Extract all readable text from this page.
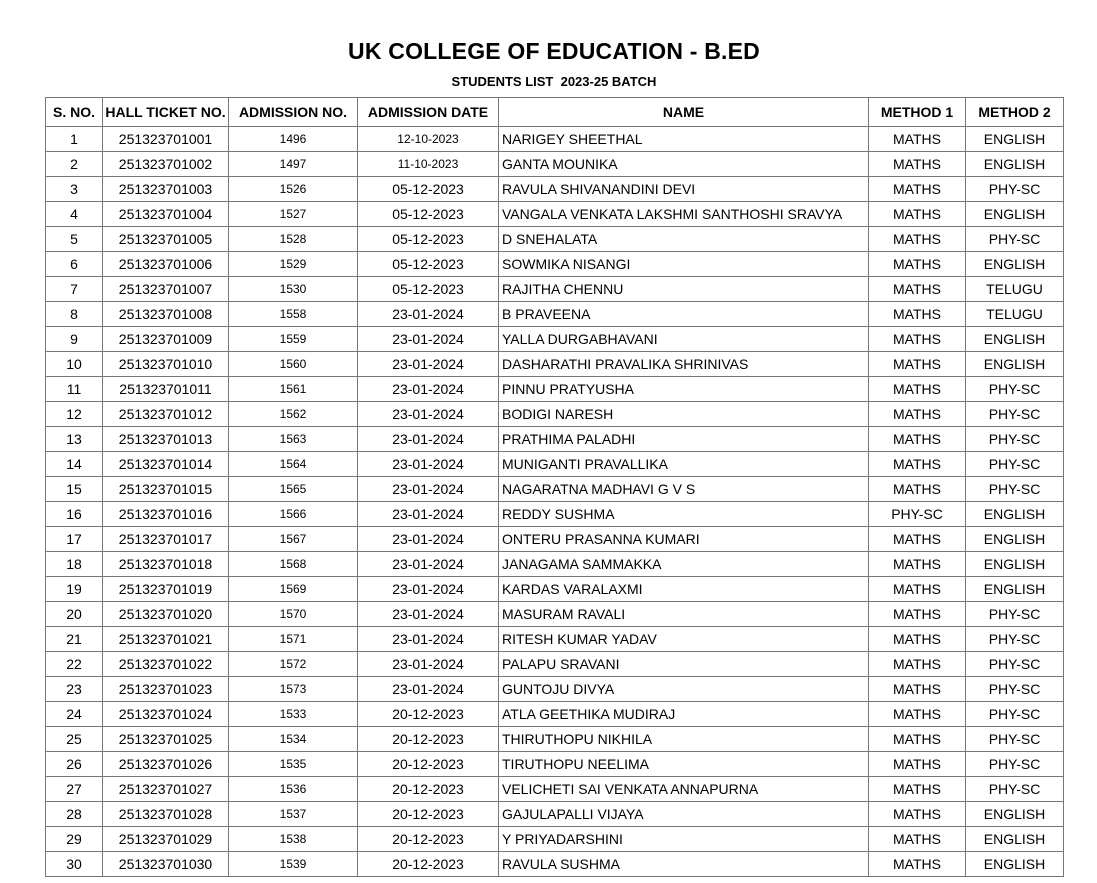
UK COLLEGE OF EDUCATION - B.ED
STUDENTS LIST  2023-25 BATCH
S. NO.	HALL TICKET NO.	ADMISSION NO.	ADMISSION DATE	NAME	METHOD 1	METHOD 2
1	251323701001	1496	12-10-2023	NARIGEY SHEETHAL	MATHS	ENGLISH
2	251323701002	1497	11-10-2023	GANTA MOUNIKA	MATHS	ENGLISH
3	251323701003	1526	05-12-2023	RAVULA SHIVANANDINI DEVI	MATHS	PHY-SC
4	251323701004	1527	05-12-2023	VANGALA VENKATA LAKSHMI SANTHOSHI SRAVYA	MATHS	ENGLISH
5	251323701005	1528	05-12-2023	D SNEHALATA	MATHS	PHY-SC
6	251323701006	1529	05-12-2023	SOWMIKA NISANGI	MATHS	ENGLISH
7	251323701007	1530	05-12-2023	RAJITHA CHENNU	MATHS	TELUGU
8	251323701008	1558	23-01-2024	B PRAVEENA	MATHS	TELUGU
9	251323701009	1559	23-01-2024	YALLA DURGABHAVANI	MATHS	ENGLISH
10	251323701010	1560	23-01-2024	DASHARATHI PRAVALIKA SHRINIVAS	MATHS	ENGLISH
11	251323701011	1561	23-01-2024	PINNU PRATYUSHA	MATHS	PHY-SC
12	251323701012	1562	23-01-2024	BODIGI NARESH	MATHS	PHY-SC
13	251323701013	1563	23-01-2024	PRATHIMA PALADHI	MATHS	PHY-SC
14	251323701014	1564	23-01-2024	MUNIGANTI PRAVALLIKA	MATHS	PHY-SC
15	251323701015	1565	23-01-2024	NAGARATNA MADHAVI G V S	MATHS	PHY-SC
16	251323701016	1566	23-01-2024	REDDY SUSHMA	PHY-SC	ENGLISH
17	251323701017	1567	23-01-2024	ONTERU PRASANNA KUMARI	MATHS	ENGLISH
18	251323701018	1568	23-01-2024	JANAGAMA SAMMAKKA	MATHS	ENGLISH
19	251323701019	1569	23-01-2024	KARDAS VARALAXMI	MATHS	ENGLISH
20	251323701020	1570	23-01-2024	MASURAM RAVALI	MATHS	PHY-SC
21	251323701021	1571	23-01-2024	RITESH KUMAR YADAV	MATHS	PHY-SC
22	251323701022	1572	23-01-2024	PALAPU SRAVANI	MATHS	PHY-SC
23	251323701023	1573	23-01-2024	GUNTOJU DIVYA	MATHS	PHY-SC
24	251323701024	1533	20-12-2023	ATLA GEETHIKA MUDIRAJ	MATHS	PHY-SC
25	251323701025	1534	20-12-2023	THIRUTHOPU NIKHILA	MATHS	PHY-SC
26	251323701026	1535	20-12-2023	TIRUTHOPU NEELIMA	MATHS	PHY-SC
27	251323701027	1536	20-12-2023	VELICHETI SAI VENKATA ANNAPURNA	MATHS	PHY-SC
28	251323701028	1537	20-12-2023	GAJULAPALLI VIJAYA	MATHS	ENGLISH
29	251323701029	1538	20-12-2023	Y PRIYADARSHINI	MATHS	ENGLISH
30	251323701030	1539	20-12-2023	RAVULA SUSHMA	MATHS	ENGLISH
